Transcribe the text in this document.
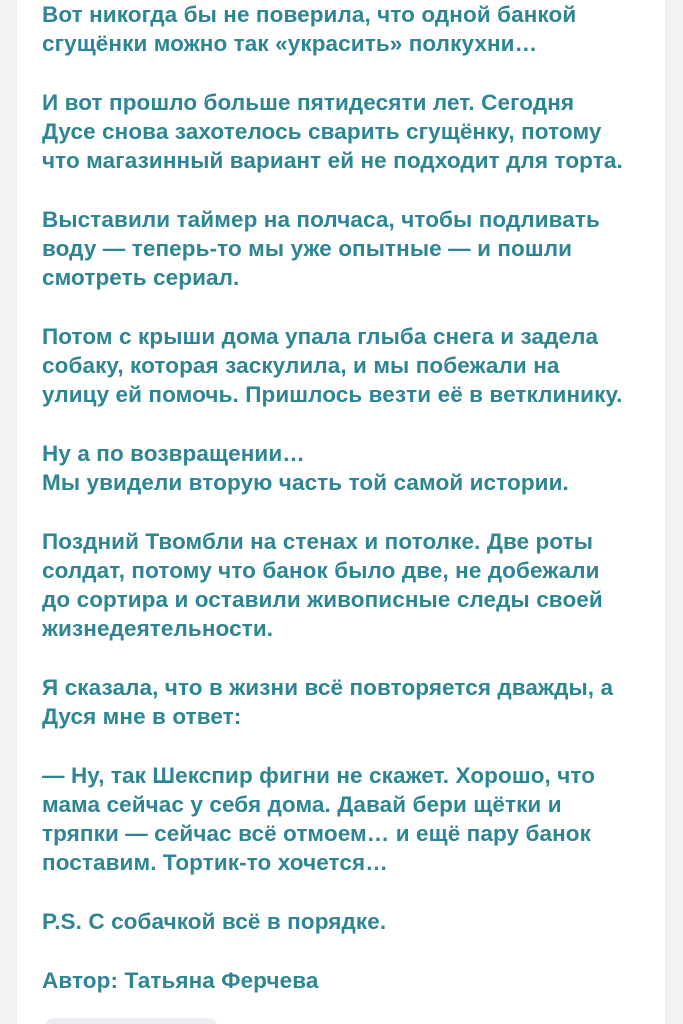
Вот никогда бы не поверила, что одной банкой
сгущёнки можно так «украсить» полкухни…
И вот прошло больше пятидесяти лет. Сегодня
Дусе снова захотелось сварить сгущёнку, потому
что магазинный вариант ей не подходит для торта.
Выставили таймер на полчаса, чтобы подливать
воду — теперь-то мы уже опытные — и пошли
смотреть сериал.
Потом с крыши дома упала глыба снега и задела
собаку, которая заскулила, и мы побежали на
улицу ей помочь. Пришлось везти её в ветклинику.
Ну а по возвращении…
Мы увидели вторую часть той самой истории.
Поздний Твомбли на стенах и потолке. Две роты
солдат, потому что банок было две, не добежали
до сортира и оставили живописные следы своей
жизнедеятельности.
Я сказала, что в жизни всё повторяется дважды, а
Дуся мне в ответ:
— Ну, так Шекспир фигни не скажет. Хорошо, что
мама сейчас у себя дома. Давай бери щётки и
тряпки — сейчас всё отмоем… и ещё пару банок
поставим. Тортик-то хочется…
P.S. С собачкой всё в порядке.
Автор: Татьяна Ферчева
